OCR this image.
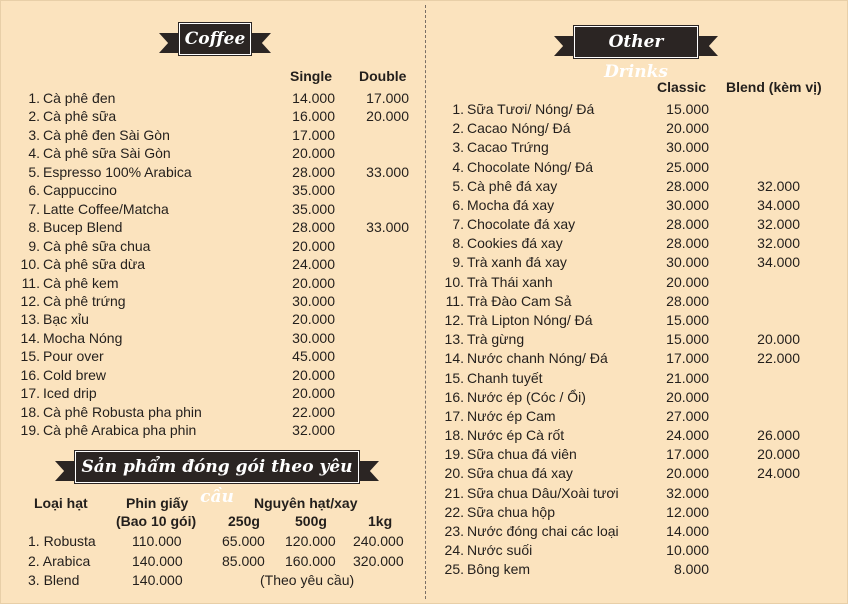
Coffee
Single Double
1. Cà phê đen	14.000 17.000
2. Cà phê sữa	16.000 20.000
3. Cà phê đen Sài Gòn	17.000
4. Cà phê sữa Sài Gòn	20.000
5. Espresso 100% Arabica	28.000 33.000
6. Cappuccino	35.000
7. Latte Coffee/Matcha	35.000
8. Bucep Blend	28.000 33.000
9. Cà phê sữa chua	20.000
10. Cà phê sữa dừa	24.000
11. Cà phê kem	20.000
12. Cà phê trứng	30.000
13. Bạc xỉu	20.000
14. Mocha Nóng	30.000
15. Pour over	45.000
16. Cold brew	20.000
17. Iced drip	20.000
18. Cà phê Robusta pha phin	22.000
19. Cà phê Arabica pha phin	32.000
Sản phẩm đóng gói theo yêu cầu
Loại hạt	Phin giấy
(Bao 10 gói)
Nguyên hạt/xay
250g	500g	1kg
1. Robusta	110.000	65.000 120.000 240.000
2. Arabica	140.000	85.000 160.000 320.000
3. Blend	140.000	(Theo yêu cầu)
Other Drinks
Classic Blend (kèm vị)
1. Sữa Tươi/ Nóng/ Đá	15.000
2. Cacao Nóng/ Đá	20.000
3. Cacao Trứng	30.000
4. Chocolate Nóng/ Đá	25.000
5. Cà phê đá xay	28.000	32.000
6. Mocha đá xay	30.000	34.000
7. Chocolate đá xay	28.000	32.000
8. Cookies đá xay	28.000	32.000
9. Trà xanh đá xay	30.000	34.000
10. Trà Thái xanh	20.000
11. Trà Đào Cam Sả	28.000
12. Trà Lipton Nóng/ Đá	15.000
13. Trà gừng	15.000	20.000
14. Nước chanh Nóng/ Đá	17.000	22.000
15. Chanh tuyết	21.000
16. Nước ép (Cóc / Ổi)	20.000
17. Nước ép Cam	27.000
18. Nước ép Cà rốt	24.000	26.000
19. Sữa chua đá viên	17.000	20.000
20. Sữa chua đá xay	20.000	24.000
21. Sữa chua Dâu/Xoài tươi	32.000
22. Sữa chua hộp	12.000
23. Nước đóng chai các loại	14.000
24. Nước suối	10.000
25. Bông kem	8.000
